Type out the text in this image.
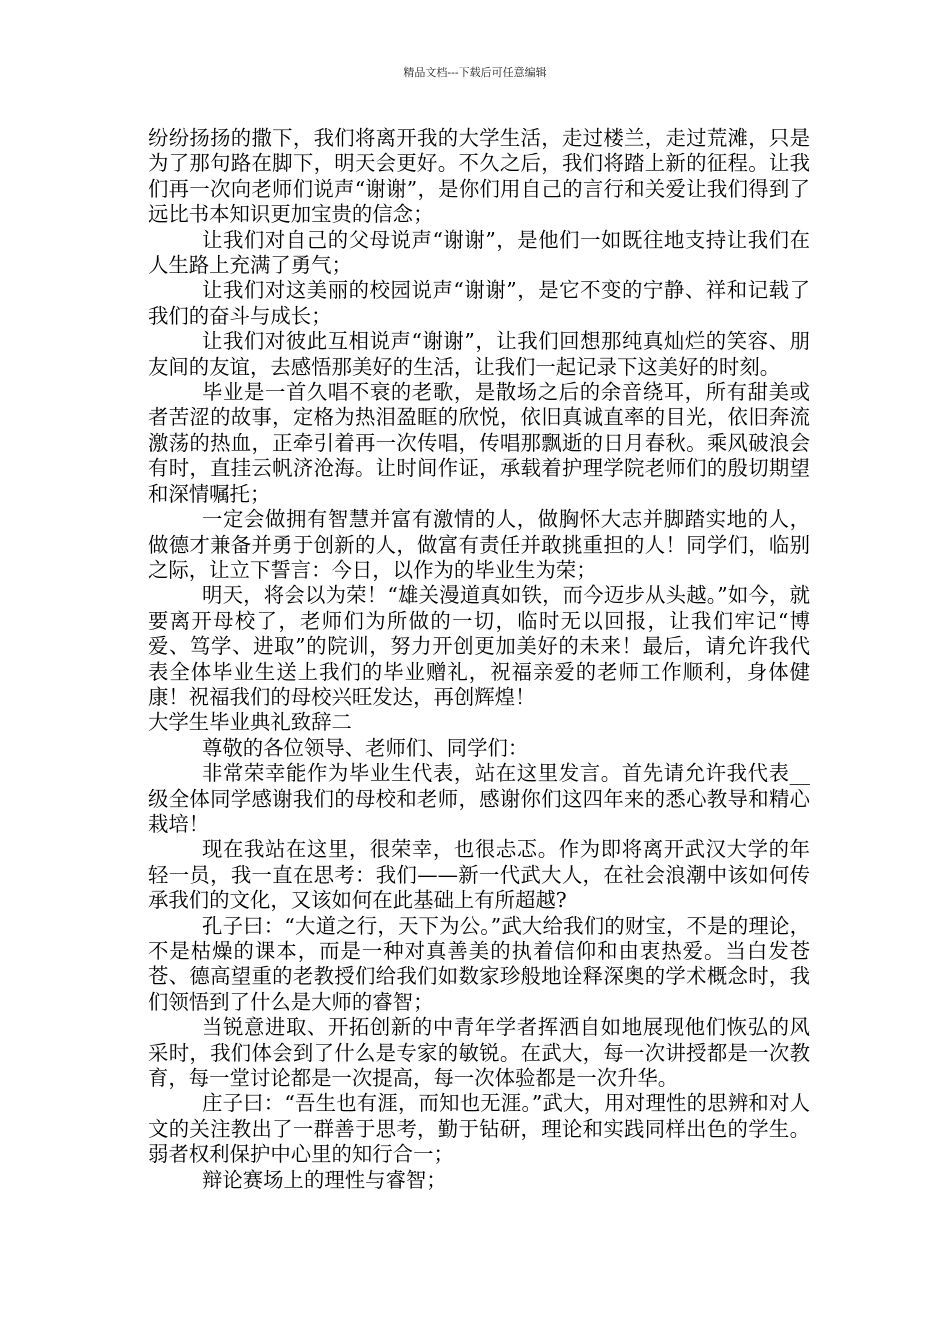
精品文档---下载后可任意编辑

纷纷扬扬的撒下，我们将离开我的大学生活，走过楼兰，走过荒滩，只是为了那句路在脚下，明天会更好。不久之后，我们将踏上新的征程。让我们再一次向老师们说声“谢谢”，是你们用自己的言行和关爱让我们得到了远比书本知识更加宝贵的信念；

让我们对自己的父母说声“谢谢”，是他们一如既往地支持让我们在人生路上充满了勇气；

让我们对这美丽的校园说声“谢谢”，是它不变的宁静、祥和记载了我们的奋斗与成长；

让我们对彼此互相说声“谢谢”，让我们回想那纯真灿烂的笑容、朋友间的友谊，去感悟那美好的生活，让我们一起记录下这美好的时刻。

毕业是一首久唱不衰的老歌，是散场之后的余音绕耳，所有甜美或者苦涩的故事，定格为热泪盈眶的欣悦，依旧真诚直率的目光，依旧奔流激荡的热血，正牵引着再一次传唱，传唱那飘逝的日月春秋。乘风破浪会有时，直挂云帆济沧海。让时间作证，承载着护理学院老师们的殷切期望和深情嘱托；

一定会做拥有智慧并富有激情的人，做胸怀大志并脚踏实地的人，做德才兼备并勇于创新的人，做富有责任并敢挑重担的人！同学们，临别之际，让立下誓言：今日，以作为的毕业生为荣；

明天，将会以为荣！“雄关漫道真如铁，而今迈步从头越。”如今，就要离开母校了，老师们为所做的一切，临时无以回报，让我们牢记“博爱、笃学、进取”的院训，努力开创更加美好的未来！最后，请允许我代表全体毕业生送上我们的毕业赠礼，祝福亲爱的老师工作顺利，身体健康！祝福我们的母校兴旺发达，再创辉煌！

大学生毕业典礼致辞二

尊敬的各位领导、老师们、同学们：

非常荣幸能作为毕业生代表，站在这里发言。首先请允许我代表__级全体同学感谢我们的母校和老师，感谢你们这四年来的悉心教导和精心栽培！

现在我站在这里，很荣幸，也很忐忑。作为即将离开武汉大学的年轻一员，我一直在思考：我们——新一代武大人，在社会浪潮中该如何传承我们的文化，又该如何在此基础上有所超越?

孔子曰：“大道之行，天下为公。”武大给我们的财宝，不是的理论，不是枯燥的课本，而是一种对真善美的执着信仰和由衷热爱。当白发苍苍、德高望重的老教授们给我们如数家珍般地诠释深奥的学术概念时，我们领悟到了什么是大师的睿智；

当锐意进取、开拓创新的中青年学者挥洒自如地展现他们恢弘的风采时，我们体会到了什么是专家的敏锐。在武大，每一次讲授都是一次教育，每一堂讨论都是一次提高，每一次体验都是一次升华。

庄子曰：“吾生也有涯，而知也无涯。”武大，用对理性的思辨和对人文的关注教出了一群善于思考，勤于钻研，理论和实践同样出色的学生。弱者权利保护中心里的知行合一；

辩论赛场上的理性与睿智；
